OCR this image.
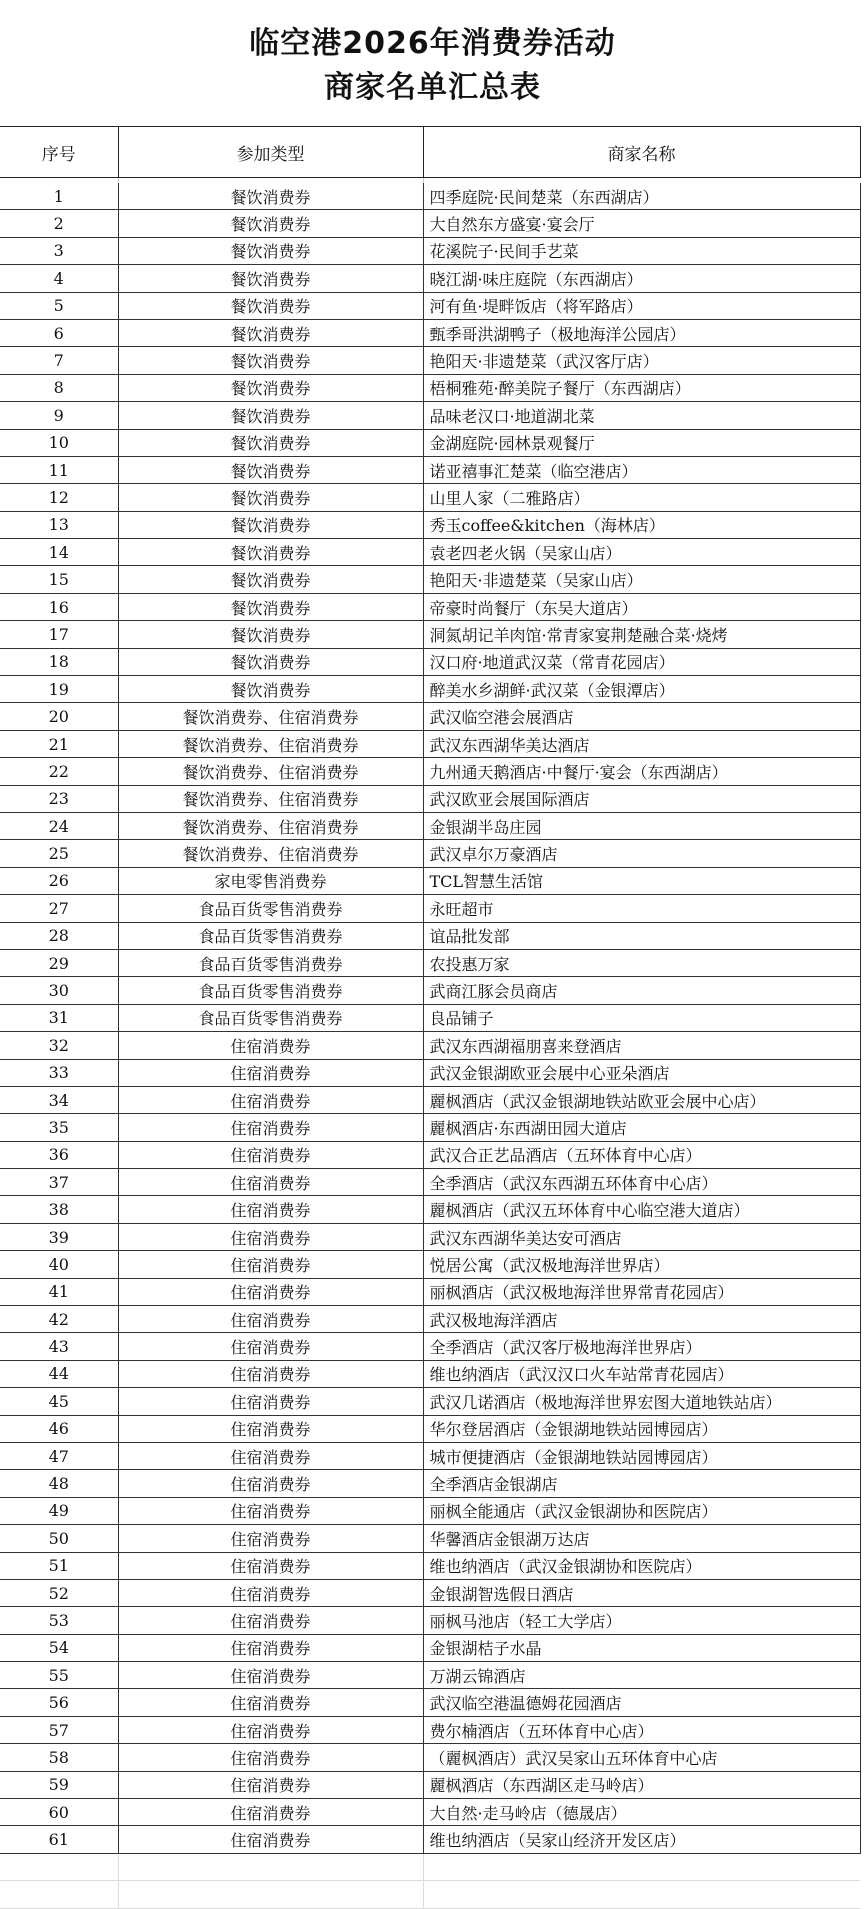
临空港2026年消费券活动
商家名单汇总表
序号	参加类型	商家名称

1	餐饮消费券	四季庭院·民间楚菜（东西湖店）
2	餐饮消费券	大自然东方盛宴·宴会厅
3	餐饮消费券	花溪院子·民间手艺菜
4	餐饮消费券	晓江湖·味庄庭院（东西湖店）
5	餐饮消费券	河有鱼·堤畔饭店（将军路店）
6	餐饮消费券	甄季哥洪湖鸭子（极地海洋公园店）
7	餐饮消费券	艳阳天·非遗楚菜（武汉客厅店）
8	餐饮消费券	梧桐雅苑·醉美院子餐厅（东西湖店）
9	餐饮消费券	品味老汉口·地道湖北菜
10	餐饮消费券	金湖庭院·园林景观餐厅
11	餐饮消费券	诺亚禧事汇楚菜（临空港店）
12	餐饮消费券	山里人家（二雅路店）
13	餐饮消费券	秀玉coffee&kitchen（海林店）
14	餐饮消费券	袁老四老火锅（吴家山店）
15	餐饮消费券	艳阳天·非遗楚菜（吴家山店）
16	餐饮消费券	帝豪时尚餐厅（东吴大道店）
17	餐饮消费券	洞氮胡记羊肉馆·常青家宴荆楚融合菜·烧烤
18	餐饮消费券	汉口府·地道武汉菜（常青花园店）
19	餐饮消费券	醉美水乡湖鲜·武汉菜（金银潭店）
20	餐饮消费券、住宿消费券	武汉临空港会展酒店
21	餐饮消费券、住宿消费券	武汉东西湖华美达酒店
22	餐饮消费券、住宿消费券	九州通天鹅酒店·中餐厅·宴会（东西湖店）
23	餐饮消费券、住宿消费券	武汉欧亚会展国际酒店
24	餐饮消费券、住宿消费券	金银湖半岛庄园
25	餐饮消费券、住宿消费券	武汉卓尔万豪酒店
26	家电零售消费券	TCL智慧生活馆
27	食品百货零售消费券	永旺超市
28	食品百货零售消费券	谊品批发部
29	食品百货零售消费券	农投惠万家
30	食品百货零售消费券	武商江豚会员商店
31	食品百货零售消费券	良品铺子
32	住宿消费券	武汉东西湖福朋喜来登酒店
33	住宿消费券	武汉金银湖欧亚会展中心亚朵酒店
34	住宿消费券	麗枫酒店（武汉金银湖地铁站欧亚会展中心店）
35	住宿消费券	麗枫酒店·东西湖田园大道店
36	住宿消费券	武汉合正艺品酒店（五环体育中心店）
37	住宿消费券	全季酒店（武汉东西湖五环体育中心店）
38	住宿消费券	麗枫酒店（武汉五环体育中心临空港大道店）
39	住宿消费券	武汉东西湖华美达安可酒店
40	住宿消费券	悦居公寓（武汉极地海洋世界店）
41	住宿消费券	丽枫酒店（武汉极地海洋世界常青花园店）
42	住宿消费券	武汉极地海洋酒店
43	住宿消费券	全季酒店（武汉客厅极地海洋世界店）
44	住宿消费券	维也纳酒店（武汉汉口火车站常青花园店）
45	住宿消费券	武汉几诺酒店（极地海洋世界宏图大道地铁站店）
46	住宿消费券	华尔登居酒店（金银湖地铁站园博园店）
47	住宿消费券	城市便捷酒店（金银湖地铁站园博园店）
48	住宿消费券	全季酒店金银湖店
49	住宿消费券	丽枫全能通店（武汉金银湖协和医院店）
50	住宿消费券	华馨酒店金银湖万达店
51	住宿消费券	维也纳酒店（武汉金银湖协和医院店）
52	住宿消费券	金银湖智选假日酒店
53	住宿消费券	丽枫马池店（轻工大学店）
54	住宿消费券	金银湖桔子水晶
55	住宿消费券	万湖云锦酒店
56	住宿消费券	武汉临空港温德姆花园酒店
57	住宿消费券	费尔楠酒店（五环体育中心店）
58	住宿消费券	（麗枫酒店）武汉吴家山五环体育中心店
59	住宿消费券	麗枫酒店（东西湖区走马岭店）
60	住宿消费券	大自然·走马岭店（德晟店）
61	住宿消费券	维也纳酒店（吴家山经济开发区店）
